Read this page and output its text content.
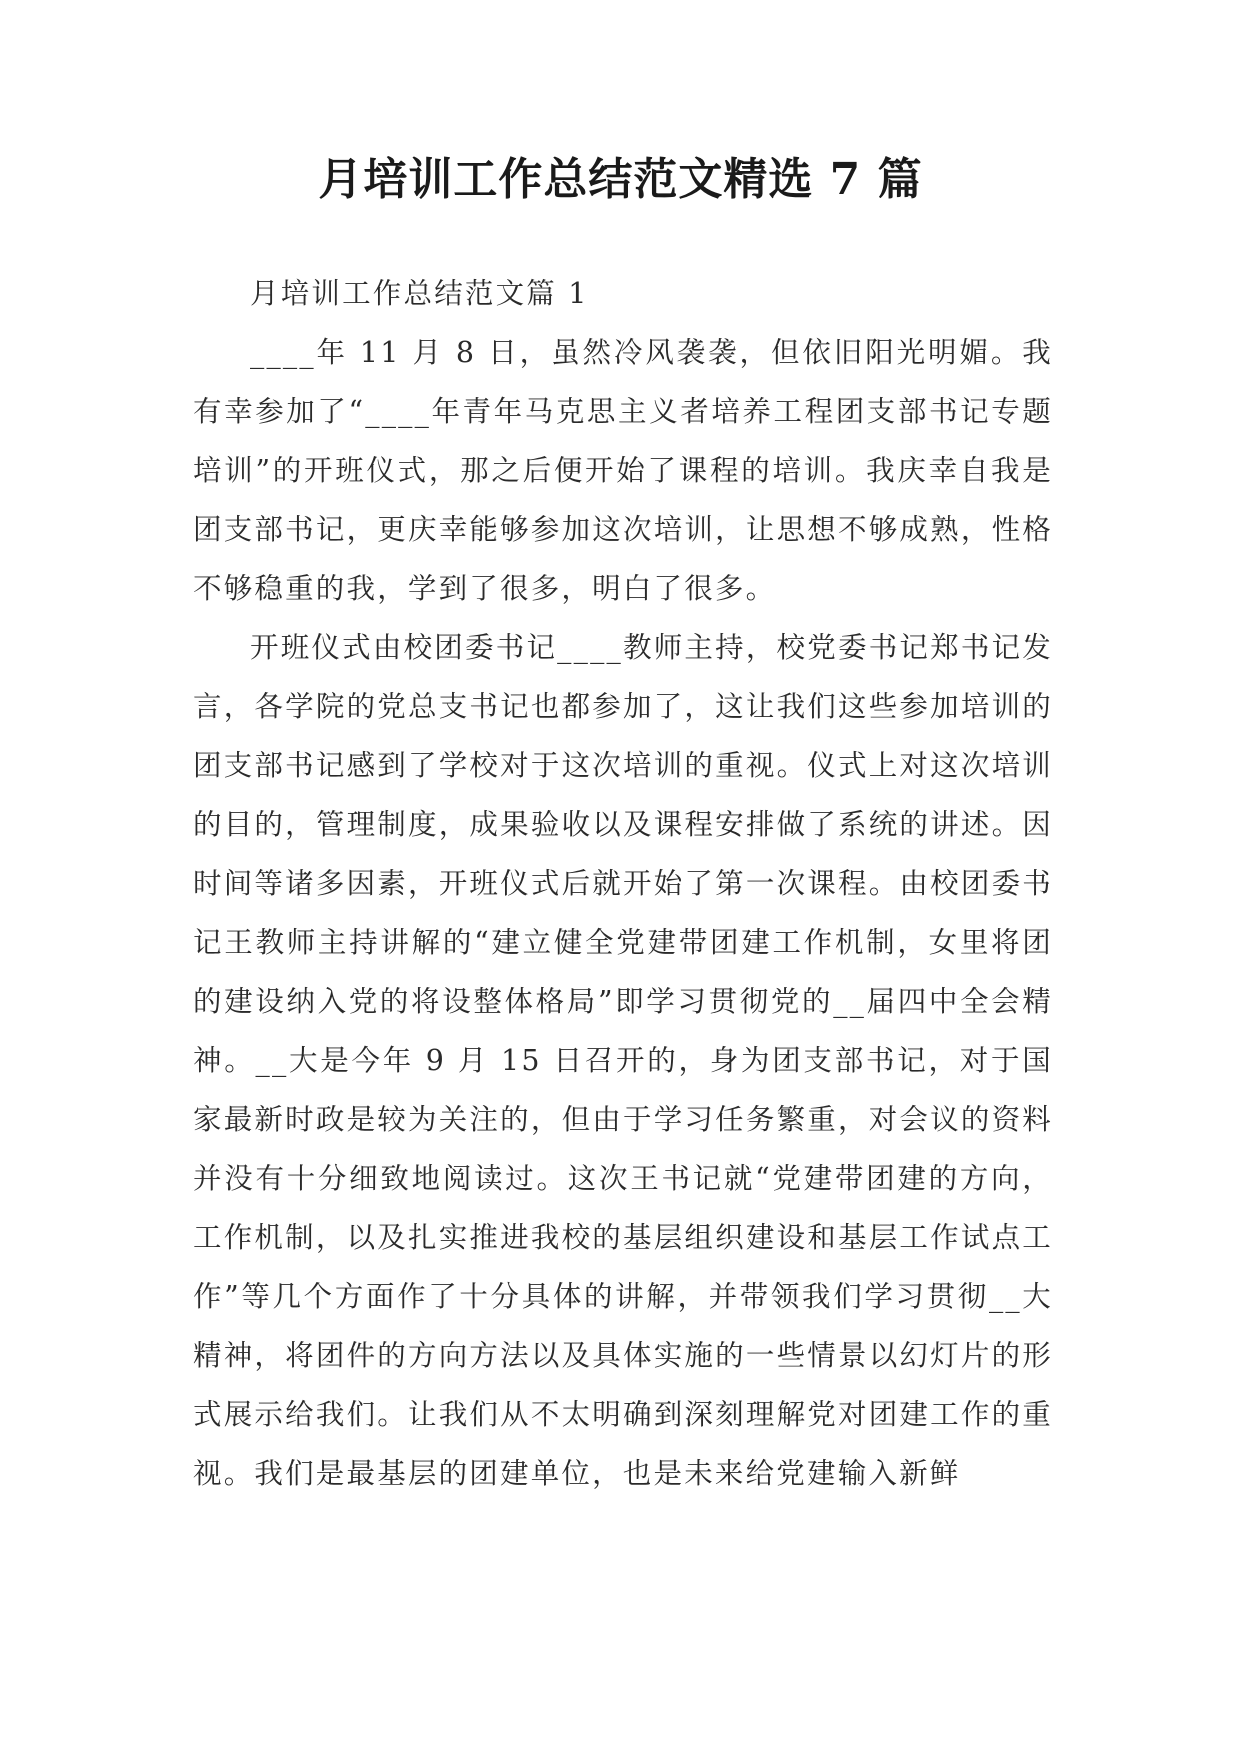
月培训工作总结范文精选 7 篇

月培训工作总结范文篇 1

____年 11 月 8 日，虽然冷风袭袭，但依旧阳光明媚。我有幸参加了“____年青年马克思主义者培养工程团支部书记专题培训”的开班仪式，那之后便开始了课程的培训。我庆幸自我是团支部书记，更庆幸能够参加这次培训，让思想不够成熟，性格不够稳重的我，学到了很多，明白了很多。

开班仪式由校团委书记____教师主持，校党委书记郑书记发言，各学院的党总支书记也都参加了，这让我们这些参加培训的团支部书记感到了学校对于这次培训的重视。仪式上对这次培训的目的，管理制度，成果验收以及课程安排做了系统的讲述。因时间等诸多因素，开班仪式后就开始了第一次课程。由校团委书记王教师主持讲解的“建立健全党建带团建工作机制，女里将团的建设纳入党的将设整体格局”即学习贯彻党的__届四中全会精神。__大是今年 9 月 15 日召开的，身为团支部书记，对于国家最新时政是较为关注的，但由于学习任务繁重，对会议的资料并没有十分细致地阅读过。这次王书记就“党建带团建的方向，工作机制，以及扎实推进我校的基层组织建设和基层工作试点工作”等几个方面作了十分具体的讲解，并带领我们学习贯彻__大精神，将团件的方向方法以及具体实施的一些情景以幻灯片的形式展示给我们。让我们从不太明确到深刻理解党对团建工作的重视。我们是最基层的团建单位，也是未来给党建输入新鲜
